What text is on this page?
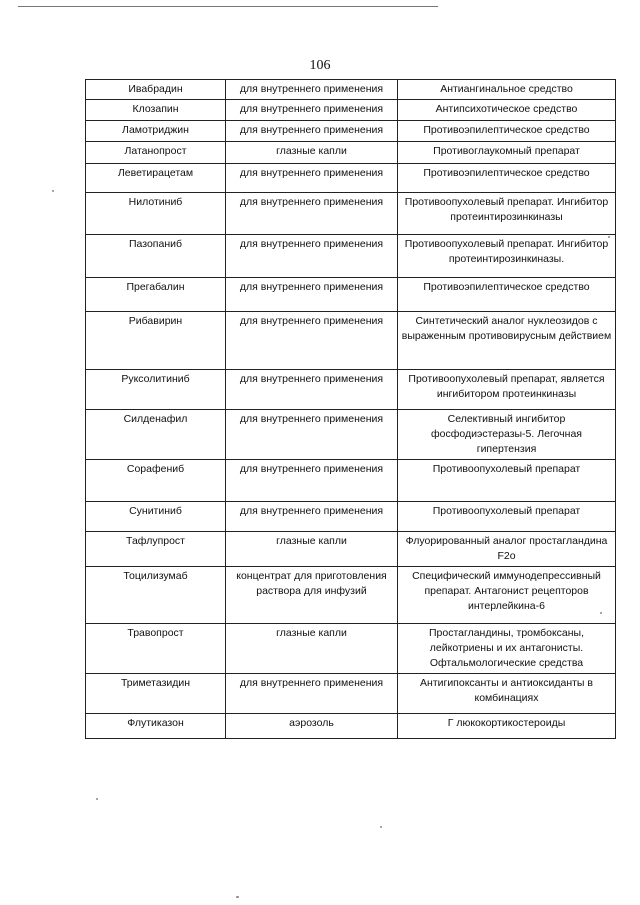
106
Ивабрадин	для внутреннего применения	Антиангинальное средство
Клозапин	для внутреннего применения	Антипсихотическое средство
Ламотриджин	для внутреннего применения	Противоэпилептическое средство
Латанопрост	глазные капли	Противоглаукомный препарат
Леветирацетам	для внутреннего применения	Противоэпилептическое средство
Нилотиниб	для внутреннего применения	Противоопухолевый препарат. Ингибитор протеинтирозинкиназы
Пазопаниб	для внутреннего применения	Противоопухолевый препарат. Ингибитор протеинтирозинкиназы.
Прегабалин	для внутреннего применения	Противоэпилептическое средство
Рибавирин	для внутреннего применения	Синтетический аналог нуклеозидов с выраженным противовирусным действием
Руксолитиниб	для внутреннего применения	Противоопухолевый препарат, является ингибитором протеинкиназы
Силденафил	для внутреннего применения	Селективный ингибитор фосфодиэстеразы-5. Легочная гипертензия
Сорафениб	для внутреннего применения	Противоопухолевый препарат
Сунитиниб	для внутреннего применения	Противоопухолевый препарат
Тафлупрост	глазные капли	Флуорированный аналог простагландина F2о
Тоцилизумаб	концентрат для приготовления раствора для инфузий	Специфический иммунодепрессивный препарат. Антагонист рецепторов интерлейкина-6
Травопрост	глазные капли	Простагландины, тромбоксаны, лейкотриены и их антагонисты. Офтальмологические средства
Триметазидин	для внутреннего применения	Антигипоксанты и антиоксиданты в комбинациях
Флутиказон	аэрозоль	Г люкокортикостероиды
